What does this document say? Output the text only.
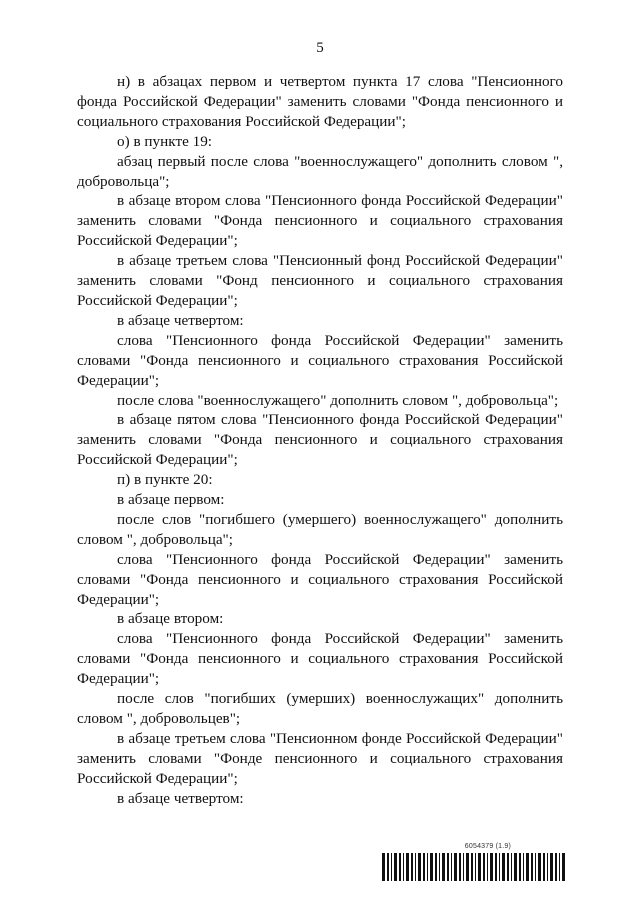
5

н) в абзацах первом и четвертом пункта 17 слова "Пенсионного фонда Российской Федерации" заменить словами "Фонда пенсионного и социального страхования Российской Федерации";

о) в пункте 19:

абзац первый после слова "военнослужащего" дополнить словом ", добровольца";

в абзаце втором слова "Пенсионного фонда Российской Федерации" заменить словами "Фонда пенсионного и социального страхования Российской Федерации";

в абзаце третьем слова "Пенсионный фонд Российской Федерации" заменить словами "Фонд пенсионного и социального страхования Российской Федерации";

в абзаце четвертом:

слова "Пенсионного фонда Российской Федерации" заменить словами "Фонда пенсионного и социального страхования Российской Федерации";

после слова "военнослужащего" дополнить словом ", добровольца";

в абзаце пятом слова "Пенсионного фонда Российской Федерации" заменить словами "Фонда пенсионного и социального страхования Российской Федерации";

п) в пункте 20:

в абзаце первом:

после слов "погибшего (умершего) военнослужащего" дополнить словом ", добровольца";

слова "Пенсионного фонда Российской Федерации" заменить словами "Фонда пенсионного и социального страхования Российской Федерации";

в абзаце втором:

слова "Пенсионного фонда Российской Федерации" заменить словами "Фонда пенсионного и социального страхования Российской Федерации";

после слов "погибших (умерших) военнослужащих" дополнить словом ", добровольцев";

в абзаце третьем слова "Пенсионном фонде Российской Федерации" заменить словами "Фонде пенсионного и социального страхования Российской Федерации";

в абзаце четвертом:

6054379 (1.9)
